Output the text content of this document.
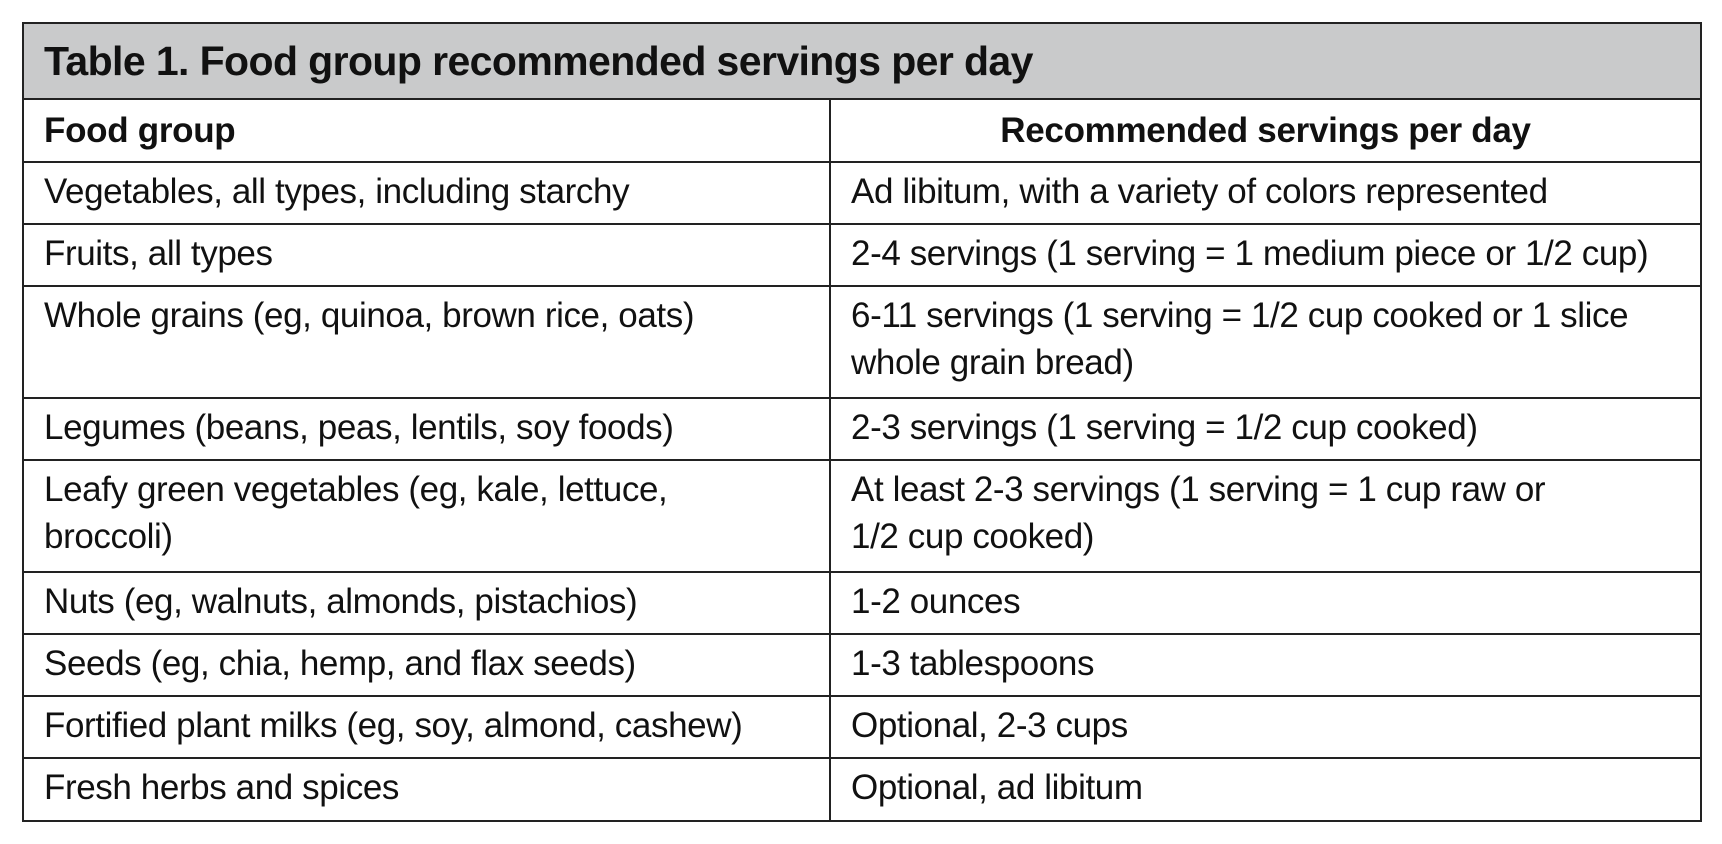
Table 1. Food group recommended servings per day
Food group	Recommended servings per day

Vegetables, all types, including starchy	Ad libitum, with a variety of colors represented

Fruits, all types	2-4 servings (1 serving = 1 medium piece or 1/2 cup)

Whole grains (eg, quinoa, brown rice, oats)	6-11 servings (1 serving = 1/2 cup cooked or 1 slice
whole grain bread)

Legumes (beans, peas, lentils, soy foods)	2-3 servings (1 serving = 1/2 cup cooked)

Leafy green vegetables (eg, kale, lettuce,
broccoli)	At least 2-3 servings (1 serving = 1 cup raw or
1/2 cup cooked)

Nuts (eg, walnuts, almonds, pistachios)	1-2 ounces

Seeds (eg, chia, hemp, and flax seeds)	1-3 tablespoons

Fortified plant milks (eg, soy, almond, cashew)	Optional, 2-3 cups

Fresh herbs and spices	Optional, ad libitum
